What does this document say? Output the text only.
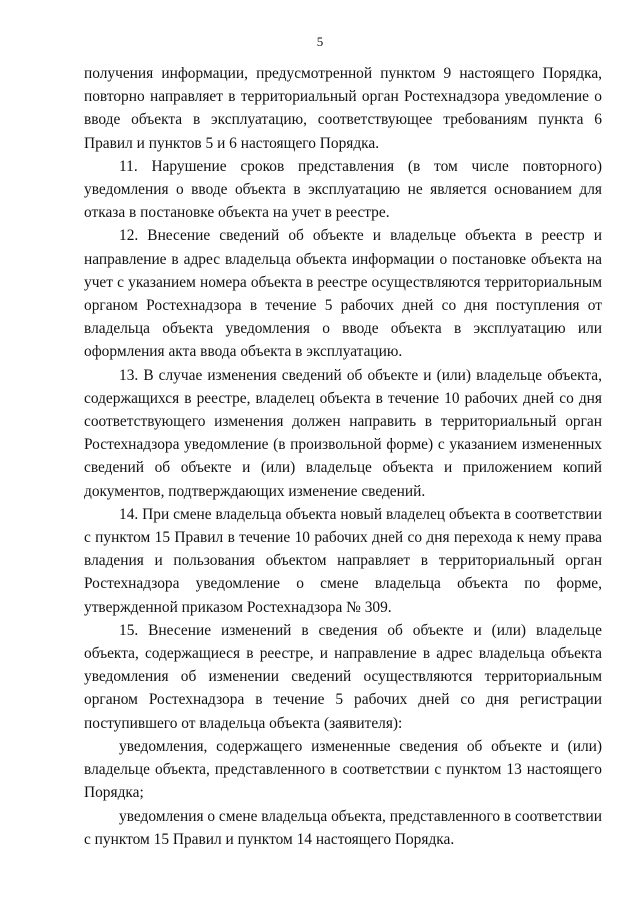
5

получения информации, предусмотренной пунктом 9 настоящего Порядка, повторно направляет в территориальный орган Ростехнадзора уведомление о вводе объекта в эксплуатацию, соответствующее требованиям пункта 6 Правил и пунктов 5 и 6 настоящего Порядка.

11. Нарушение сроков представления (в том числе повторного) уведомления о вводе объекта в эксплуатацию не является основанием для отказа в постановке объекта на учет в реестре.

12. Внесение сведений об объекте и владельце объекта в реестр и направление в адрес владельца объекта информации о постановке объекта на учет с указанием номера объекта в реестре осуществляются территориальным органом Ростехнадзора в течение 5 рабочих дней со дня поступления от владельца объекта уведомления о вводе объекта в эксплуатацию или оформления акта ввода объекта в эксплуатацию.

13. В случае изменения сведений об объекте и (или) владельце объекта, содержащихся в реестре, владелец объекта в течение 10 рабочих дней со дня соответствующего изменения должен направить в территориальный орган Ростехнадзора уведомление (в произвольной форме) с указанием измененных сведений об объекте и (или) владельце объекта и приложением копий документов, подтверждающих изменение сведений.

14. При смене владельца объекта новый владелец объекта в соответствии с пунктом 15 Правил в течение 10 рабочих дней со дня перехода к нему права владения и пользования объектом направляет в территориальный орган Ростехнадзора уведомление о смене владельца объекта по форме, утвержденной приказом Ростехнадзора № 309.

15. Внесение изменений в сведения об объекте и (или) владельце объекта, содержащиеся в реестре, и направление в адрес владельца объекта уведомления об изменении сведений осуществляются территориальным органом Ростехнадзора в течение 5 рабочих дней со дня регистрации поступившего от владельца объекта (заявителя):

уведомления, содержащего измененные сведения об объекте и (или) владельце объекта, представленного в соответствии с пунктом 13 настоящего Порядка;

уведомления о смене владельца объекта, представленного в соответствии с пунктом 15 Правил и пунктом 14 настоящего Порядка.
